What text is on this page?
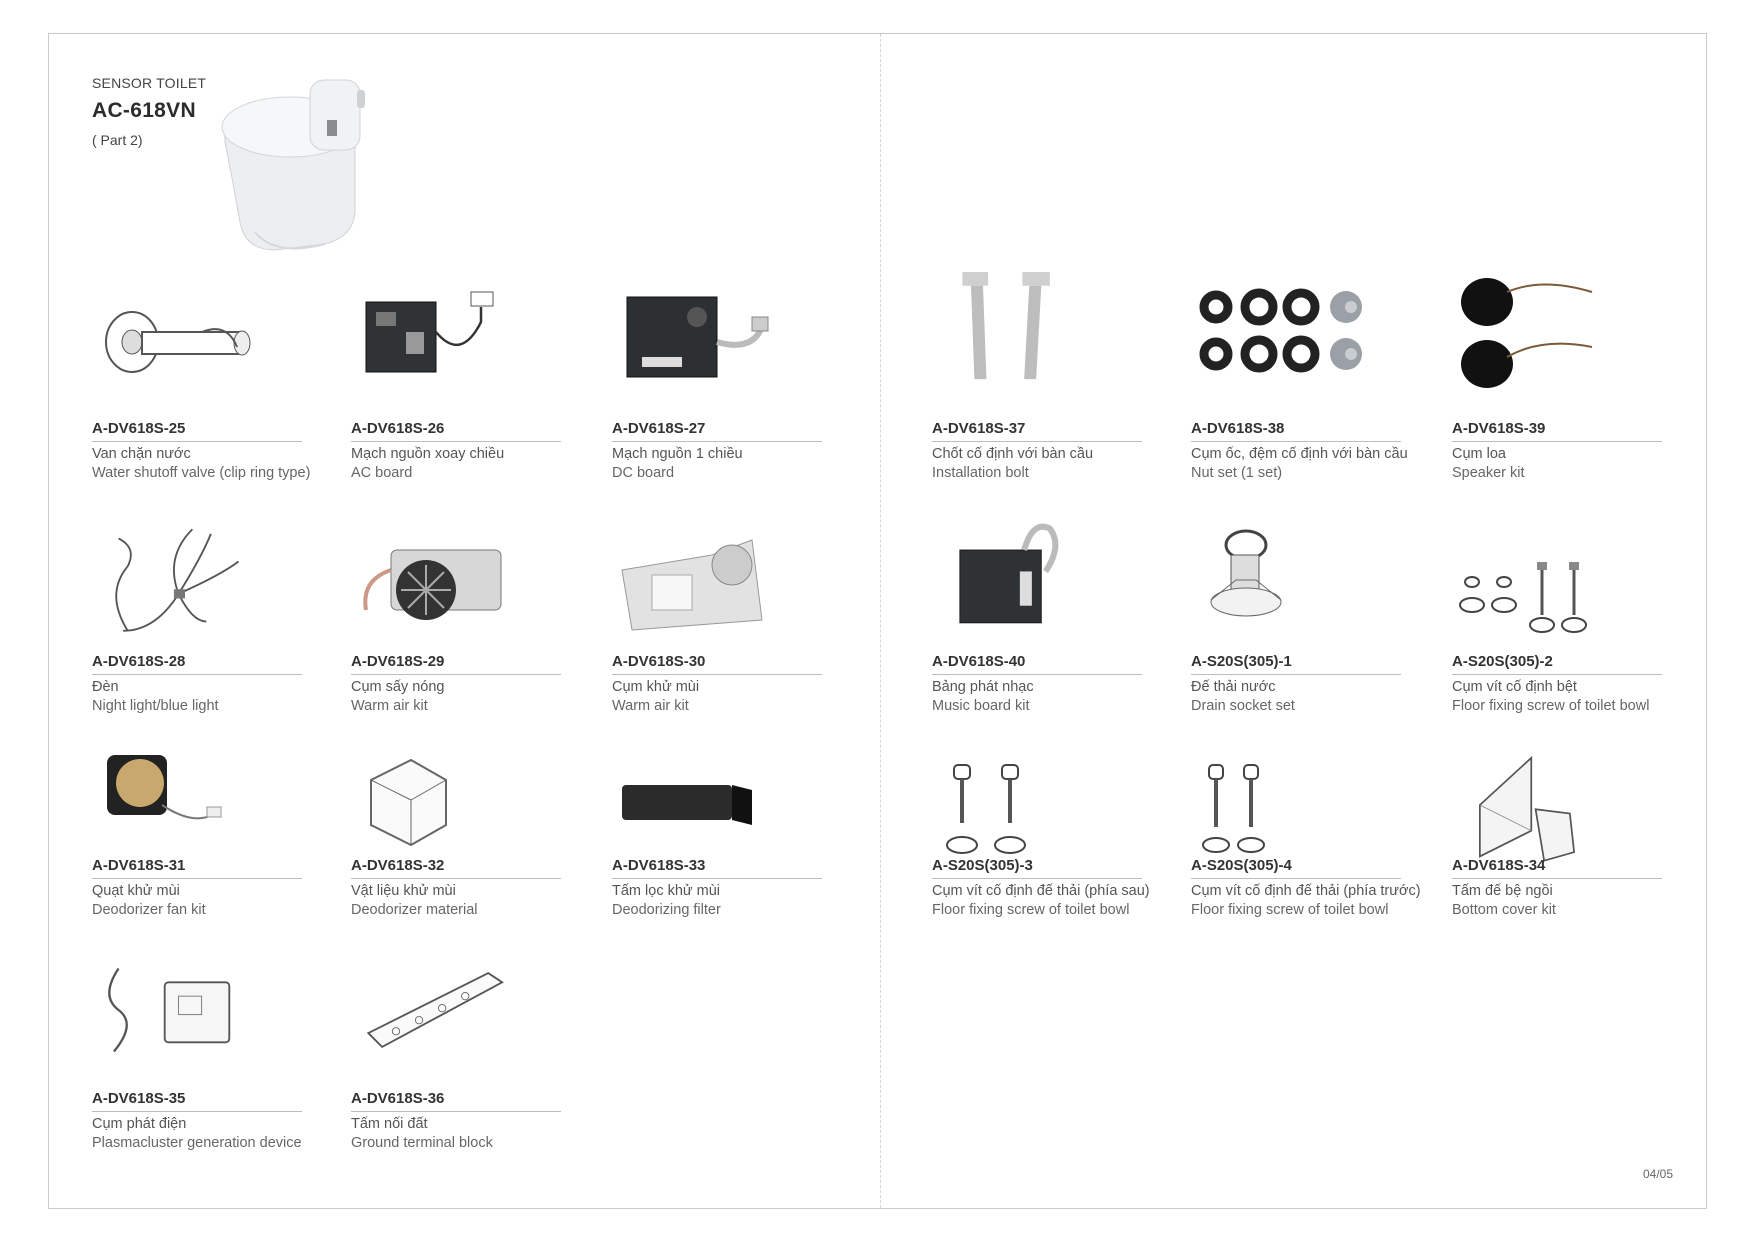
SENSOR TOILET
AC-618VN
( Part 2)
A-DV618S-25
Van chặn nước
Water shutoff valve (clip ring type)
A-DV618S-26
Mạch nguồn xoay chiều
AC board
A-DV618S-27
Mạch nguồn 1 chiều
DC board
A-DV618S-37
Chốt cố định với bàn cầu
Installation bolt
A-DV618S-38
Cụm ốc, đệm cố định với bàn cầu
Nut set (1 set)
A-DV618S-39
Cụm loa
Speaker kit
A-DV618S-28
Đèn
Night light/blue light
A-DV618S-29
Cụm sấy nóng
Warm air kit
A-DV618S-30
Cụm khử mùi
Warm air kit
A-DV618S-40
Bảng phát nhạc
Music board kit
A-S20S(305)-1
Đế thải nước
Drain socket set
A-S20S(305)-2
Cụm vít cố định bệt
Floor fixing screw of toilet bowl
A-DV618S-31
Quạt khử mùi
Deodorizer fan kit
A-DV618S-32
Vật liệu khử mùi
Deodorizer material
A-DV618S-33
Tấm lọc khử mùi
Deodorizing filter
A-S20S(305)-3
Cụm vít cố định đế thải (phía sau)
Floor fixing screw of toilet bowl
A-S20S(305)-4
Cụm vít cố định đế thải (phía trước)
Floor fixing screw of toilet bowl
A-DV618S-34
Tấm đế bệ ngồi
Bottom cover kit
A-DV618S-35
Cụm phát điện
Plasmacluster generation device
A-DV618S-36
Tấm nối đất
Ground terminal block
04/05
